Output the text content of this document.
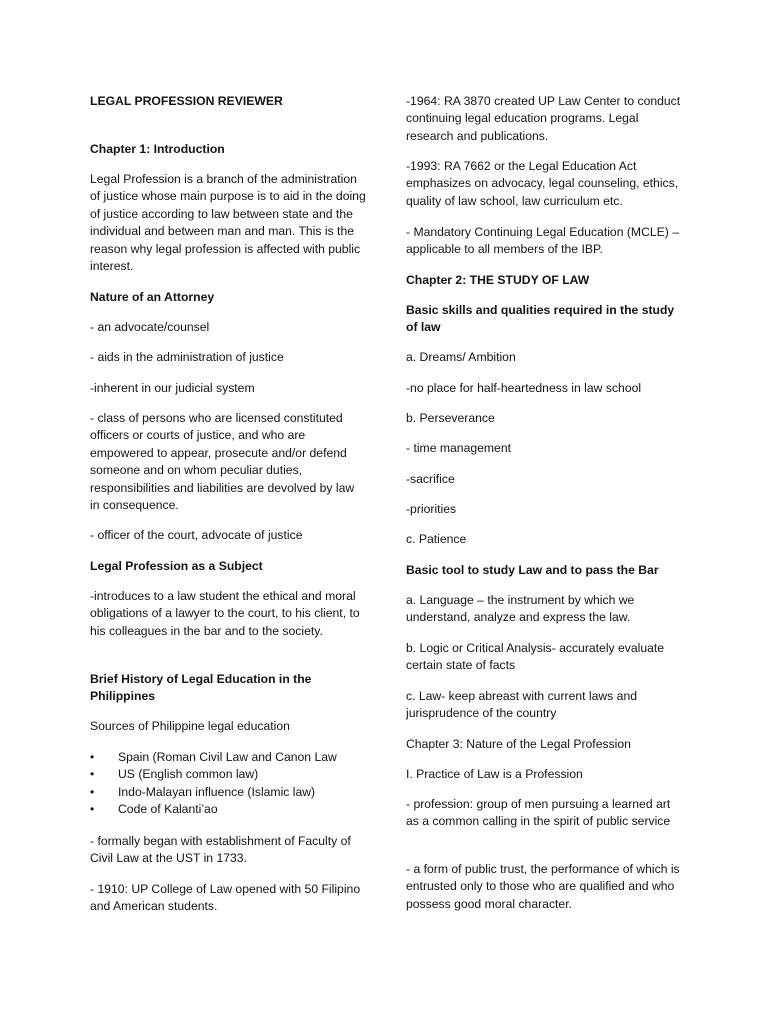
LEGAL PROFESSION REVIEWER

Chapter 1: Introduction

Legal Profession is a branch of the administration of justice whose main purpose is to aid in the doing of justice according to law between state and the individual and between man and man. This is the reason why legal profession is affected with public interest.

Nature of an Attorney

- an advocate/counsel

- aids in the administration of justice

-inherent in our judicial system

- class of persons who are licensed constituted officers or courts of justice, and who are empowered to appear, prosecute and/or defend someone and on whom peculiar duties, responsibilities and liabilities are devolved by law in consequence.

- officer of the court, advocate of justice

Legal Profession as a Subject

-introduces to a law student the ethical and moral obligations of a lawyer to the court, to his client, to his colleagues in the bar and to the society.

Brief History of Legal Education in the Philippines

Sources of Philippine legal education

• Spain (Roman Civil Law and Canon Law
• US (English common law)
• Indo-Malayan influence (Islamic law)
• Code of Kalanti’ao

- formally began with establishment of Faculty of Civil Law at the UST in 1733.

- 1910: UP College of Law opened with 50 Filipino and American students.

-1964: RA 3870 created UP Law Center to conduct continuing legal education programs. Legal research and publications.

-1993: RA 7662 or the Legal Education Act emphasizes on advocacy, legal counseling, ethics, quality of law school, law curriculum etc.

- Mandatory Continuing Legal Education (MCLE) –applicable to all members of the IBP.

Chapter 2: THE STUDY OF LAW

Basic skills and qualities required in the study of law

a. Dreams/ Ambition

-no place for half-heartedness in law school

b. Perseverance

- time management

-sacrifice

-priorities

c. Patience

Basic tool to study Law and to pass the Bar

a. Language – the instrument by which we understand, analyze and express the law.

b. Logic or Critical Analysis- accurately evaluate certain state of facts

c. Law- keep abreast with current laws and jurisprudence of the country

Chapter 3: Nature of the Legal Profession

I. Practice of Law is a Profession

- profession: group of men pursuing a learned art as a common calling in the spirit of public service

- a form of public trust, the performance of which is entrusted only to those who are qualified and who possess good moral character.
